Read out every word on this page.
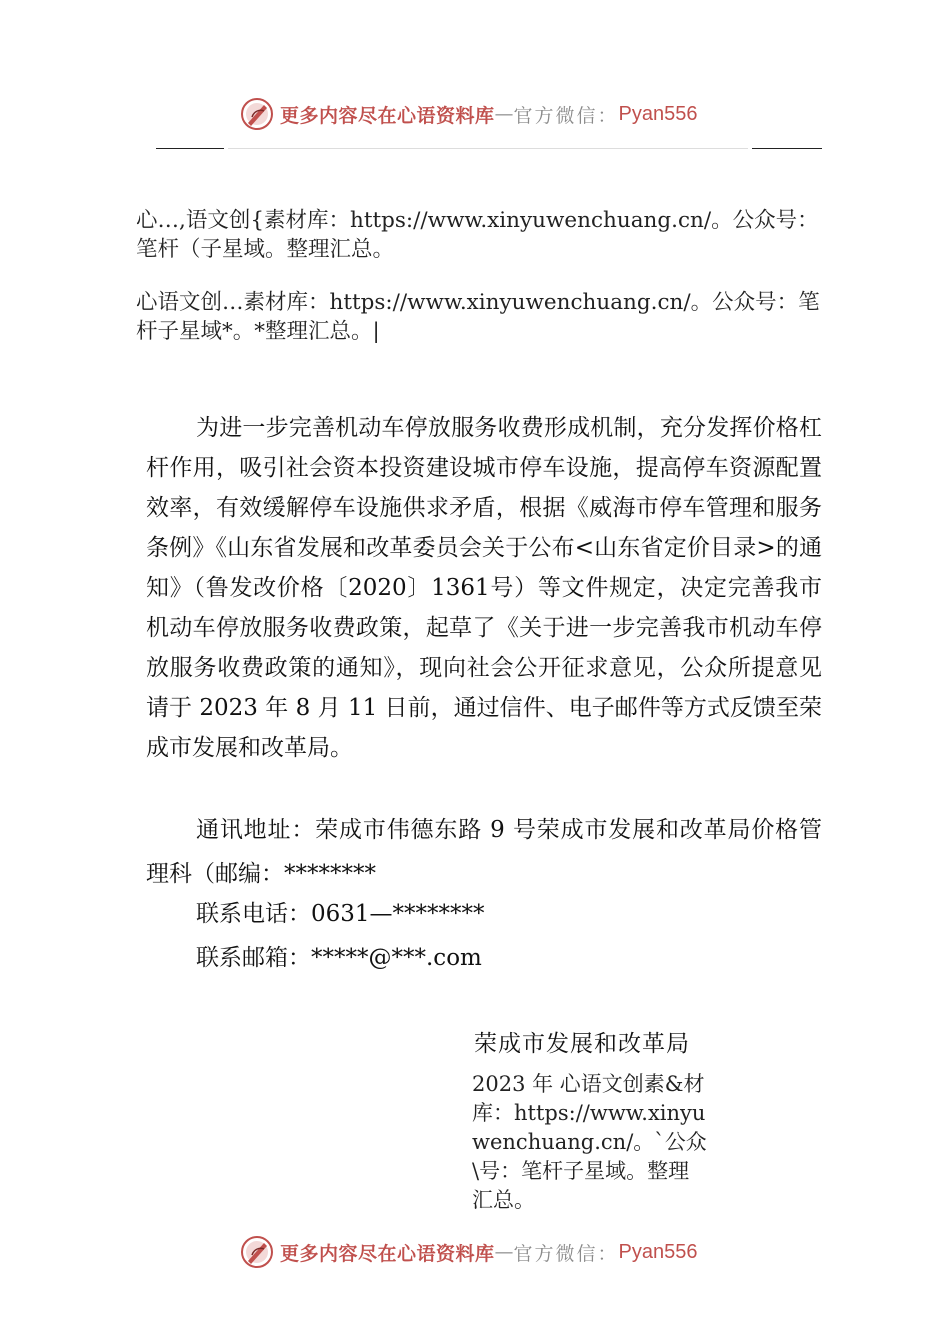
更多内容尽在心语资料库 — 官方微信： Pyan556
心…,语文创{素材库：https://www.xinyuwenchuang.cn/。公众号：笔杆（子星域。整理汇总。
心语文创…素材库：https://www.xinyuwenchuang.cn/。公众号：笔杆子星域*。*整理汇总。|

为进一步完善机动车停放服务收费形成机制，充分发挥价格杠杆作用，吸引社会资本投资建设城市停车设施，提高停车资源配置效率，有效缓解停车设施供求矛盾，根据《威海市停车管理和服务条例》《山东省发展和改革委员会关于公布<山东省定价目录>的通知》（鲁发改价格〔2020〕1361号）等文件规定，决定完善我市机动车停放服务收费政策，起草了《关于进一步完善我市机动车停放服务收费政策的通知》，现向社会公开征求意见，公众所提意见请于 2023 年 8 月 11 日前，通过信件、电子邮件等方式反馈至荣成市发展和改革局。

通讯地址：荣成市伟德东路 9 号荣成市发展和改革局价格管理科（邮编：********

联系电话：0631—********
联系邮箱：*****@***.com
荣成市发展和改革局
2023 年 心语文创素&材库：https://www.xinyuwenchuang.cn/。`公众\号：笔杆子星域。整理汇总。
更多内容尽在心语资料库 — 官方微信： Pyan556
